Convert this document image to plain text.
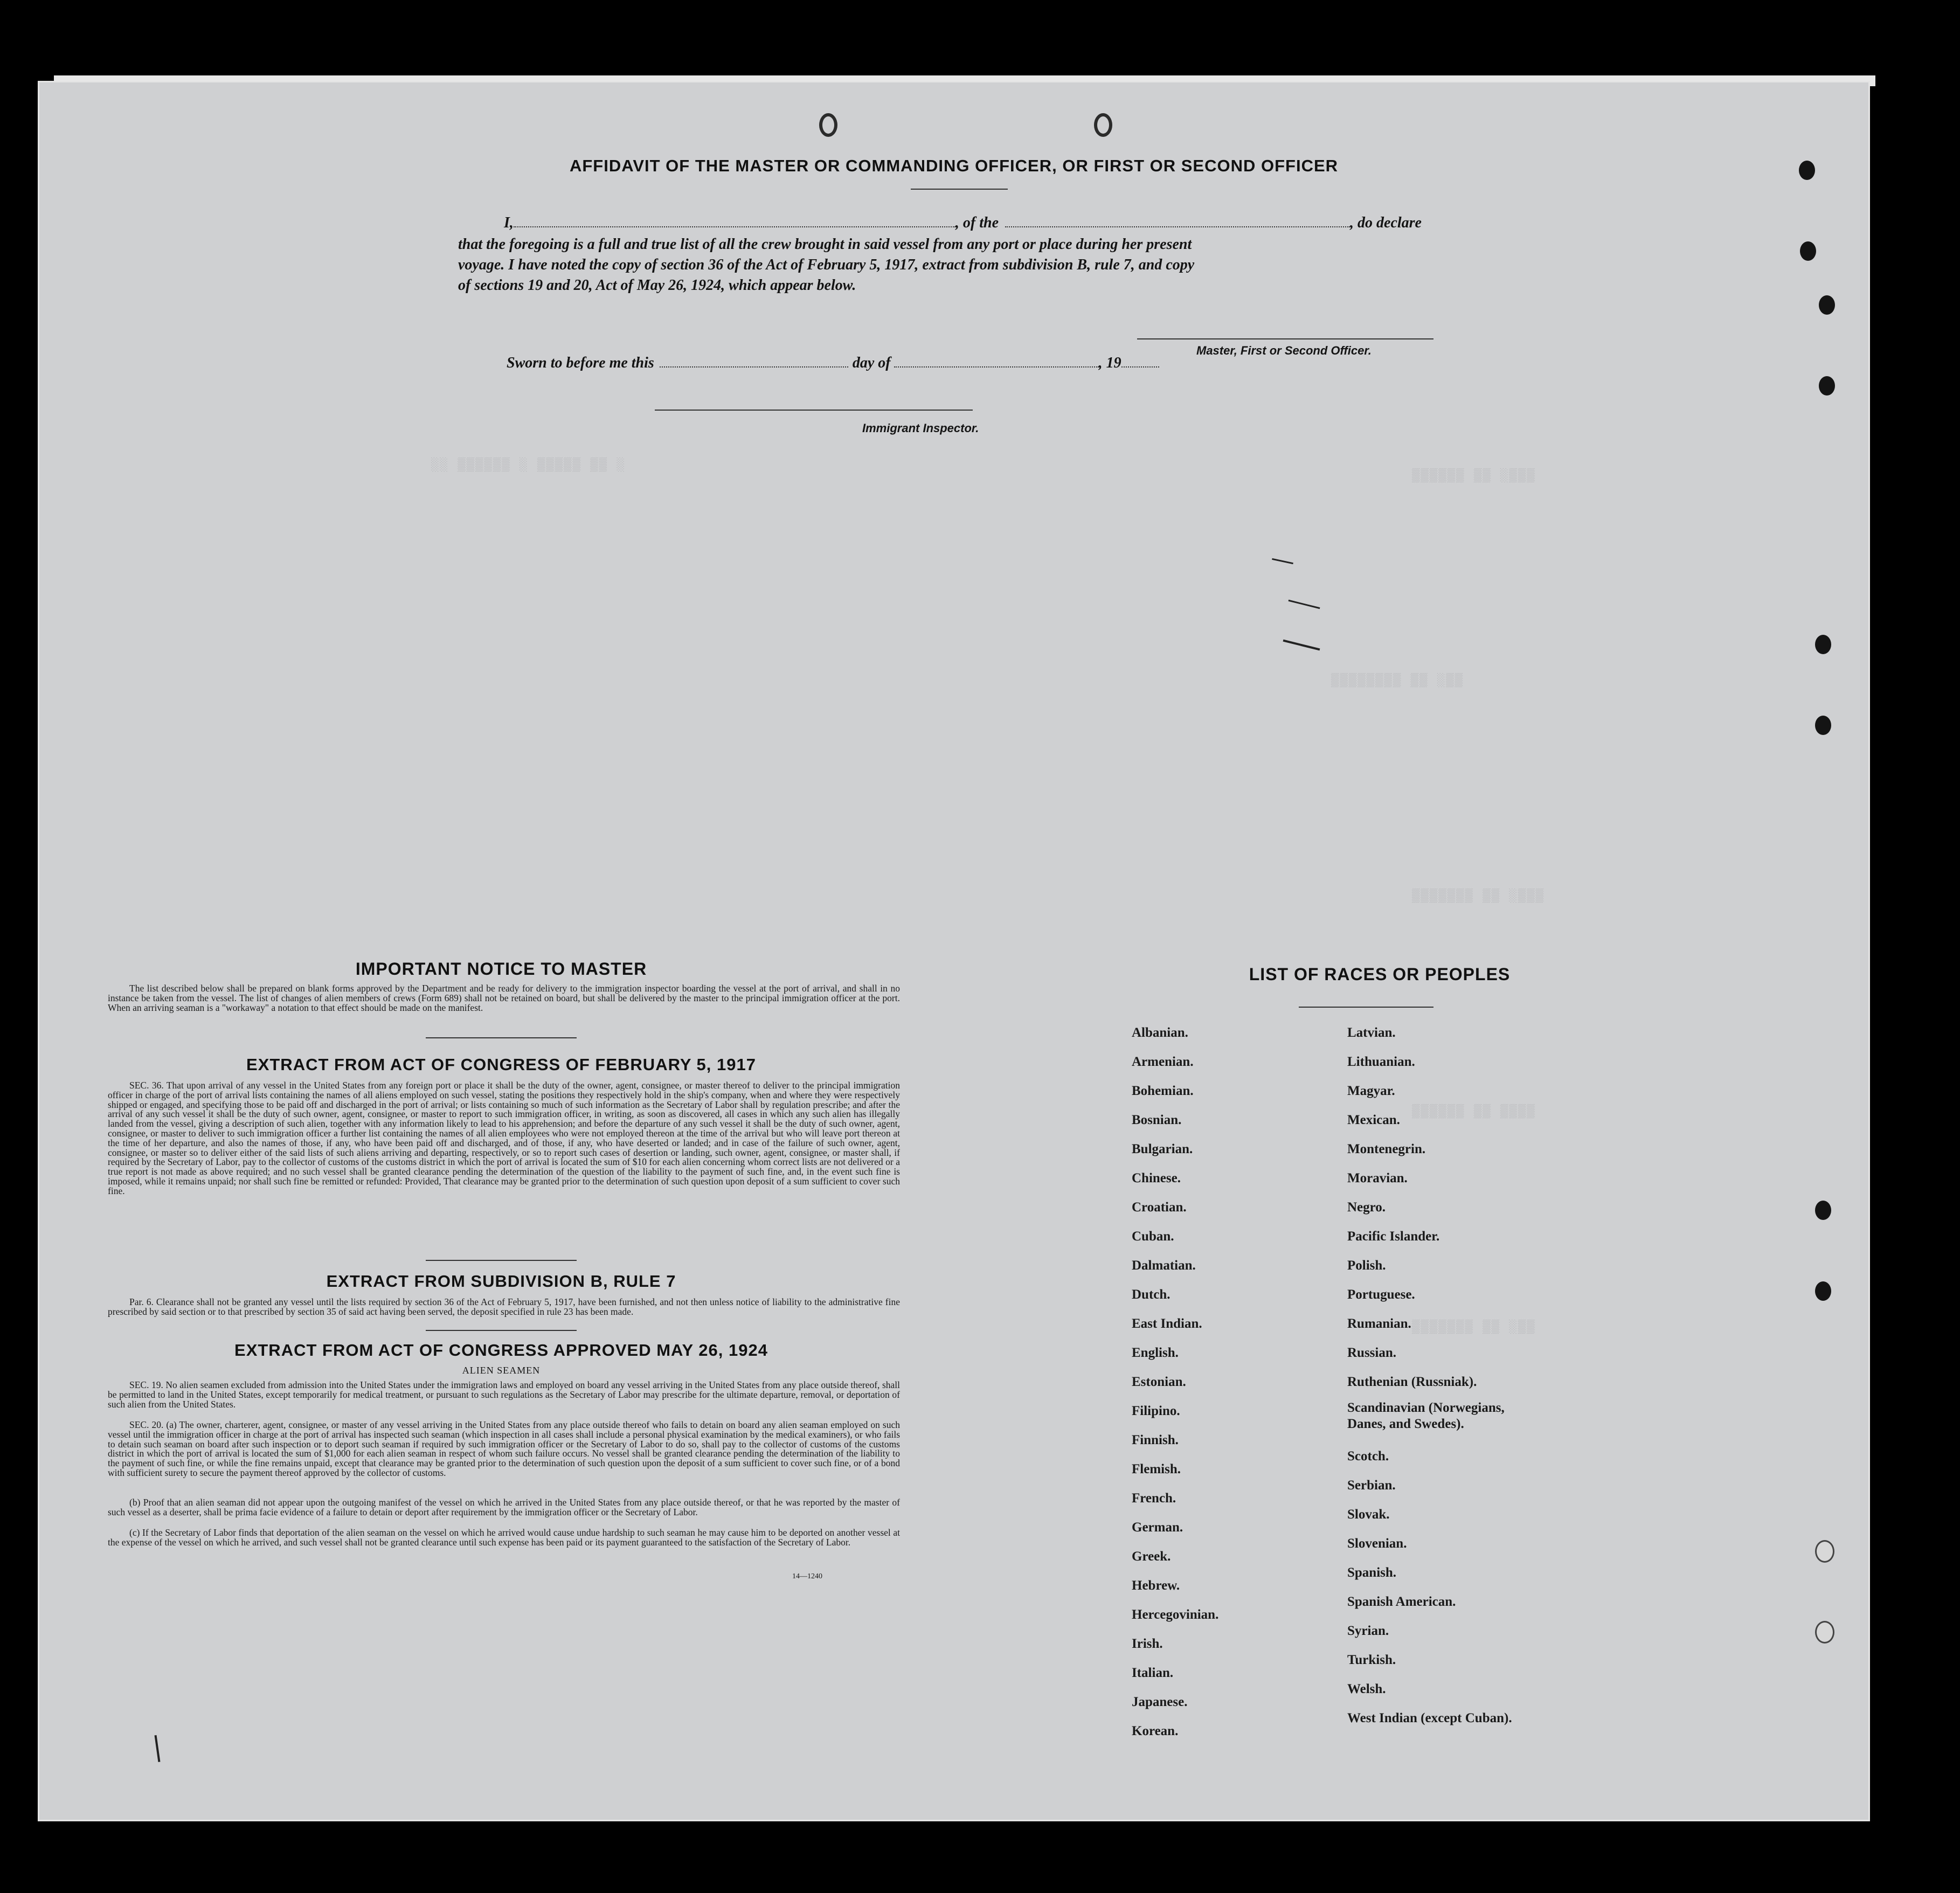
░░ ▒▒▒▒▒▒ ░ ▒▒▒▒▒ ▒▒ ░
▒▒▒▒▒▒ ▒▒ ░▒▒▒
▒▒▒▒▒▒▒▒ ▒▒ ░▒▒
▒▒▒▒▒▒▒ ▒▒ ░▒▒▒
▒▒▒▒▒▒ ▒▒ ▒▒▒▒
▒▒▒▒▒▒▒ ▒▒ ░▒▒
AFFIDAVIT OF THE MASTER OR COMMANDING OFFICER, OR FIRST OR SECOND OFFICER
I,	, of the	, do declare
that the foregoing is a full and true list of all the crew brought in said vessel from any port or place during her present
voyage. I have noted the copy of section 36 of the Act of February 5, 1917, extract from subdivision B, rule 7, and copy
of sections 19 and 20, Act of May 26, 1924, which appear below.
Master, First or Second Officer.
Sworn to before me this	day of	, 19
Immigrant Inspector.
IMPORTANT NOTICE TO MASTER
The list described below shall be prepared on blank forms approved by the Department and be ready for delivery to the immigration inspector boarding the vessel at the port of arrival, and shall in no instance be taken from the vessel. The list of changes of alien members of crews (Form 689) shall not be retained on board, but shall be delivered by the master to the principal immigration officer at the port. When an arriving seaman is a "workaway" a notation to that effect should be made on the manifest.
EXTRACT FROM ACT OF CONGRESS OF FEBRUARY 5, 1917
SEC. 36. That upon arrival of any vessel in the United States from any foreign port or place it shall be the duty of the owner, agent, consignee, or master thereof to deliver to the principal immigration officer in charge of the port of arrival lists containing the names of all aliens employed on such vessel, stating the positions they respectively hold in the ship's company, when and where they were respectively shipped or engaged, and specifying those to be paid off and discharged in the port of arrival; or lists containing so much of such information as the Secretary of Labor shall by regulation prescribe; and after the arrival of any such vessel it shall be the duty of such owner, agent, consignee, or master to report to such immigration officer, in writing, as soon as discovered, all cases in which any such alien has illegally landed from the vessel, giving a description of such alien, together with any information likely to lead to his apprehension; and before the departure of any such vessel it shall be the duty of such owner, agent, consignee, or master to deliver to such immigration officer a further list containing the names of all alien employees who were not employed thereon at the time of the arrival but who will leave port thereon at the time of her departure, and also the names of those, if any, who have been paid off and discharged, and of those, if any, who have deserted or landed; and in case of the failure of such owner, agent, consignee, or master so to deliver either of the said lists of such aliens arriving and departing, respectively, or so to report such cases of desertion or landing, such owner, agent, consignee, or master shall, if required by the Secretary of Labor, pay to the collector of customs of the customs district in which the port of arrival is located the sum of $10 for each alien concerning whom correct lists are not delivered or a true report is not made as above required; and no such vessel shall be granted clearance pending the determination of the question of the liability to the payment of such fine, and, in the event such fine is imposed, while it remains unpaid; nor shall such fine be remitted or refunded: Provided, That clearance may be granted prior to the determination of such question upon deposit of a sum sufficient to cover such fine.
EXTRACT FROM SUBDIVISION B, RULE 7
Par. 6. Clearance shall not be granted any vessel until the lists required by section 36 of the Act of February 5, 1917, have been furnished, and not then unless notice of liability to the administrative fine prescribed by said section or to that prescribed by section 35 of said act having been served, the deposit specified in rule 23 has been made.
EXTRACT FROM ACT OF CONGRESS APPROVED MAY 26, 1924
ALIEN SEAMEN
SEC. 19. No alien seamen excluded from admission into the United States under the immigration laws and employed on board any vessel arriving in the United States from any place outside thereof, shall be permitted to land in the United States, except temporarily for medical treatment, or pursuant to such regulations as the Secretary of Labor may prescribe for the ultimate departure, removal, or deportation of such alien from the United States.
SEC. 20. (a) The owner, charterer, agent, consignee, or master of any vessel arriving in the United States from any place outside thereof who fails to detain on board any alien seaman employed on such vessel until the immigration officer in charge at the port of arrival has inspected such seaman (which inspection in all cases shall include a personal physical examination by the medical examiners), or who fails to detain such seaman on board after such inspection or to deport such seaman if required by such immigration officer or the Secretary of Labor to do so, shall pay to the collector of customs of the customs district in which the port of arrival is located the sum of $1,000 for each alien seaman in respect of whom such failure occurs. No vessel shall be granted clearance pending the determination of the liability to the payment of such fine, or while the fine remains unpaid, except that clearance may be granted prior to the determination of such question upon the deposit of a sum sufficient to cover such fine, or of a bond with sufficient surety to secure the payment thereof approved by the collector of customs.
(b) Proof that an alien seaman did not appear upon the outgoing manifest of the vessel on which he arrived in the United States from any place outside thereof, or that he was reported by the master of such vessel as a deserter, shall be prima facie evidence of a failure to detain or deport after requirement by the immigration officer or the Secretary of Labor.
(c) If the Secretary of Labor finds that deportation of the alien seaman on the vessel on which he arrived would cause undue hardship to such seaman he may cause him to be deported on another vessel at the expense of the vessel on which he arrived, and such vessel shall not be granted clearance until such expense has been paid or its payment guaranteed to the satisfaction of the Secretary of Labor.
14—1240
LIST OF RACES OR PEOPLES
Albanian.
Armenian.
Bohemian.
Bosnian.
Bulgarian.
Chinese.
Croatian.
Cuban.
Dalmatian.
Dutch.
East Indian.
English.
Estonian.
Filipino.
Finnish.
Flemish.
French.
German.
Greek.
Hebrew.
Hercegovinian.
Irish.
Italian.
Japanese.
Korean.
Latvian.
Lithuanian.
Magyar.
Mexican.
Montenegrin.
Moravian.
Negro.
Pacific Islander.
Polish.
Portuguese.
Rumanian.
Russian.
Ruthenian (Russniak).
Scandinavian (Norwegians, Danes, and Swedes).
Scotch.
Serbian.
Slovak.
Slovenian.
Spanish.
Spanish American.
Syrian.
Turkish.
Welsh.
West Indian (except Cuban).
